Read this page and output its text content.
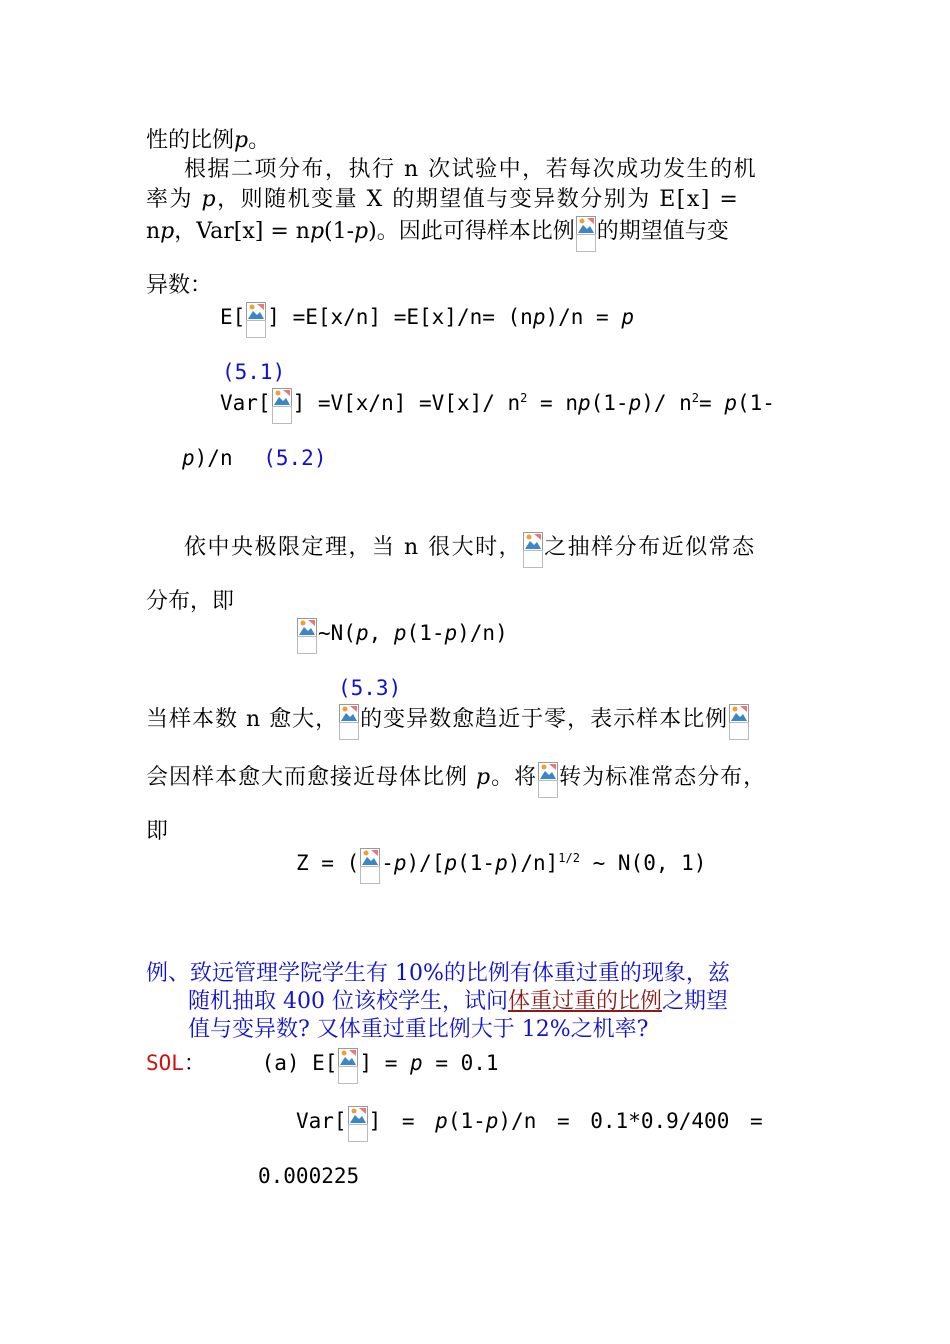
性的比例p。

根据二项分布，执行 n 次试验中，若每次成功发生的机

率为 p，则随机变量 X 的期望值与变异数分别为 E[x] =

np，Var[x] = np(1-p)。因此可得样本比例 的期望值与变

异数：

E[ ] =E[x/n] =E[x]/n= (np)/n = p

(5.1)

Var[ ] =V[x/n] =V[x]/ $n^2 = np(1-p)/$ $n^2= p(1-$

p)/n (5.2)

依中央极限定理，当 n 很大时， 之抽样分布近似常态

分布，即

~N(p, p(1-p)/n)

(5.3)

当样本数 n 愈大， 的变异数愈趋近于零，表示样本比例

会因样本愈大而愈接近母体比例 p。将 转为标准常态分布，

即

Z = ( $-p)/[p(1-p)/n]^{1/2}$ ~ N(0, 1)

例、致远管理学院学生有 10%的比例有体重过重的现象，兹

随机抽取 400 位该校学生，试问体重过重的比例之期望

值与变异数? 又体重过重比例大于 12%之机率?

SOL：	(a) E[ ] = p = 0.1

Var[ ] = p(1-p)/n = 0.1*0.9/400 =

0.000225
